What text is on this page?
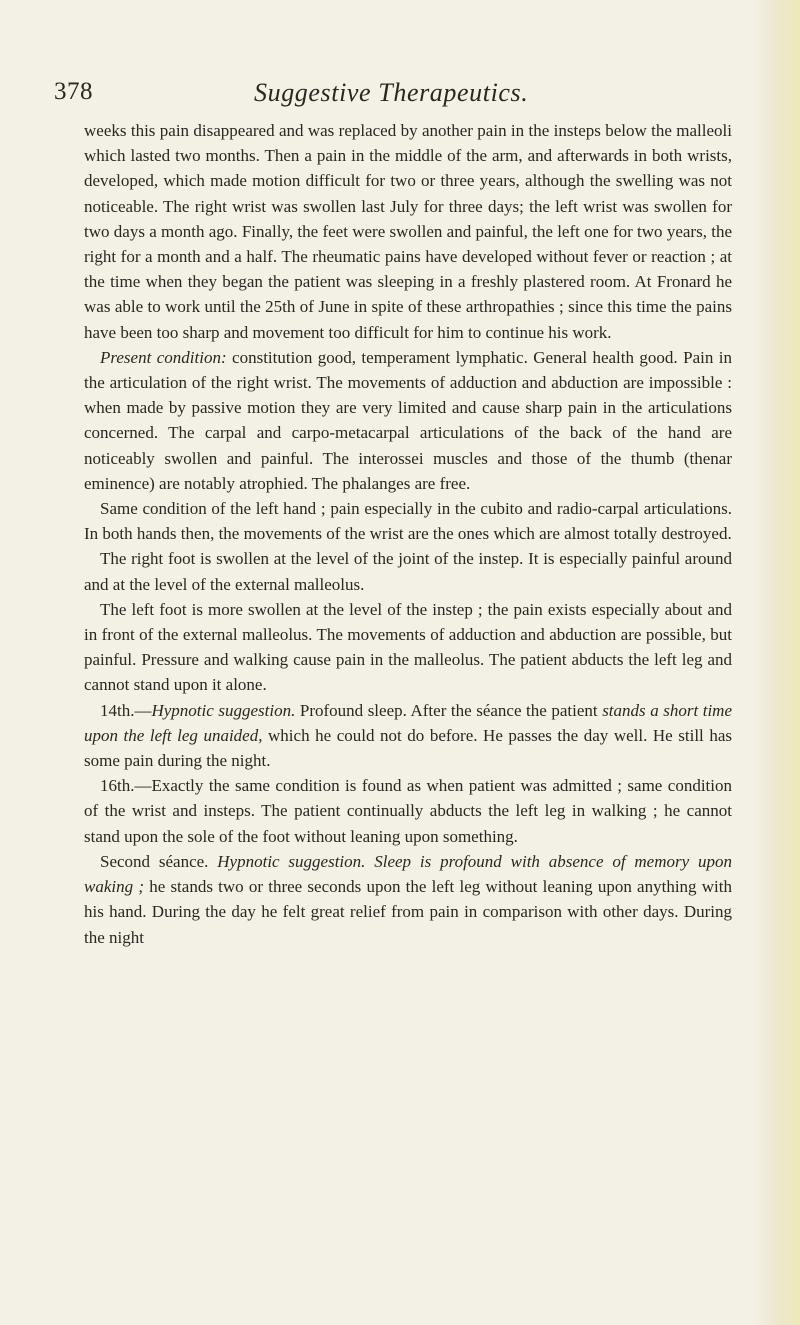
378	Suggestive Therapeutics.

weeks this pain disappeared and was replaced by another pain in the insteps below the malleoli which lasted two months. Then a pain in the middle of the arm, and afterwards in both wrists, developed, which made motion difficult for two or three years, although the swelling was not noticeable. The right wrist was swollen last July for three days; the left wrist was swollen for two days a month ago. Finally, the feet were swollen and painful, the left one for two years, the right for a month and a half. The rheumatic pains have developed without fever or reaction ; at the time when they began the patient was sleeping in a freshly plastered room. At Fronard he was able to work until the 25th of June in spite of these arthropathies ; since this time the pains have been too sharp and movement too difficult for him to continue his work.

Present condition: constitution good, temperament lymphatic. General health good. Pain in the articulation of the right wrist. The movements of adduction and abduction are impossible : when made by passive motion they are very limited and cause sharp pain in the articulations concerned. The carpal and carpo-metacarpal articulations of the back of the hand are noticeably swollen and painful. The interossei muscles and those of the thumb (thenar eminence) are notably atrophied. The phalanges are free.

Same condition of the left hand ; pain especially in the cubito and radio-carpal articulations. In both hands then, the movements of the wrist are the ones which are almost totally destroyed.

The right foot is swollen at the level of the joint of the instep. It is especially painful around and at the level of the external malleolus.

The left foot is more swollen at the level of the instep ; the pain exists especially about and in front of the external malleolus. The movements of adduction and abduction are possible, but painful. Pressure and walking cause pain in the malleolus. The patient abducts the left leg and cannot stand upon it alone.

14th.—Hypnotic suggestion. Profound sleep. After the séance the patient stands a short time upon the left leg unaided, which he could not do before. He passes the day well. He still has some pain during the night.

16th.—Exactly the same condition is found as when patient was admitted ; same condition of the wrist and insteps. The patient continually abducts the left leg in walking ; he cannot stand upon the sole of the foot without leaning upon something.

Second séance. Hypnotic suggestion. Sleep is profound with absence of memory upon waking ; he stands two or three seconds upon the left leg without leaning upon anything with his hand. During the day he felt great relief from pain in comparison with other days. During the night
